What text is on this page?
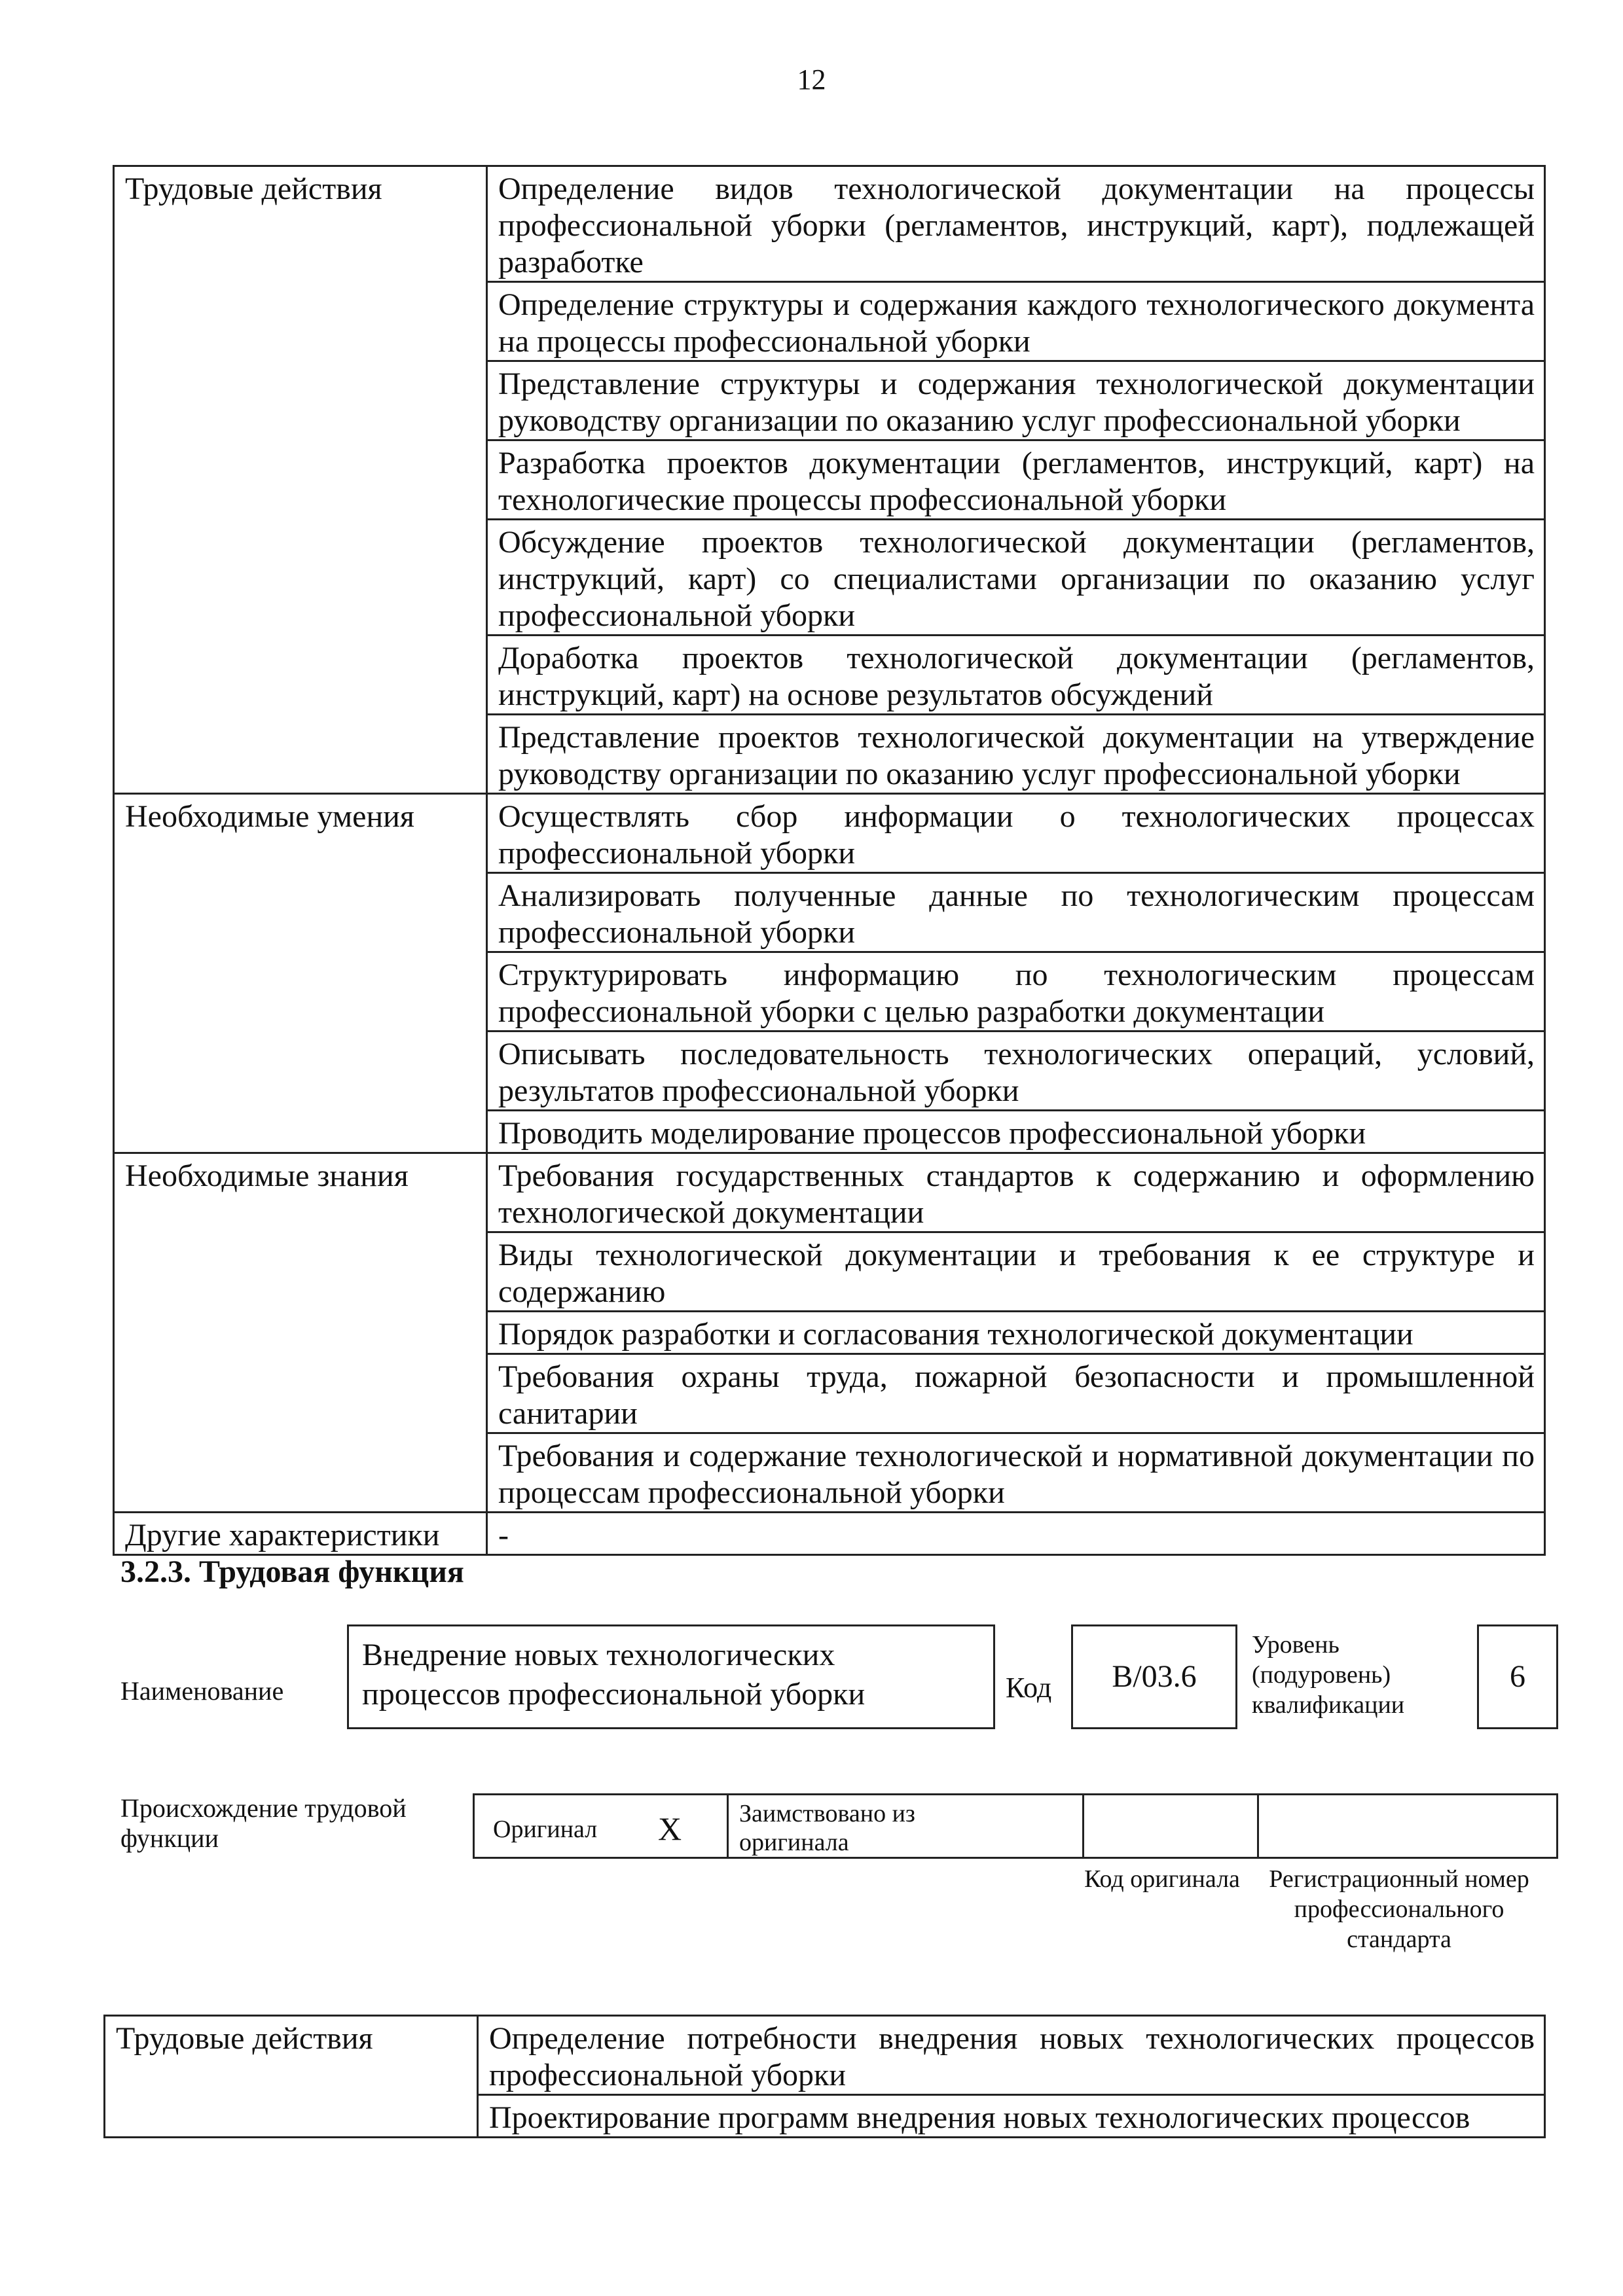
12
Трудовые действия	Определение видов технологической документации на процессы профессиональной уборки (регламентов, инструкций, карт), подлежащей разработке
	Определение структуры и содержания каждого технологического документа на процессы профессиональной уборки
	Представление структуры и содержания технологической документации руководству организации по оказанию услуг профессиональной уборки
	Разработка проектов документации (регламентов, инструкций, карт) на технологические процессы профессиональной уборки
	Обсуждение проектов технологической документации (регламентов, инструкций, карт) со специалистами организации по оказанию услуг профессиональной уборки
	Доработка проектов технологической документации (регламентов, инструкций, карт) на основе результатов обсуждений
	Представление проектов технологической документации на утверждение руководству организации по оказанию услуг профессиональной уборки
Необходимые умения	Осуществлять сбор информации о технологических процессах профессиональной уборки
	Анализировать полученные данные по технологическим процессам профессиональной уборки
	Структурировать информацию по технологическим процессам профессиональной уборки с целью разработки документации
	Описывать последовательность технологических операций, условий, результатов профессиональной уборки
	Проводить моделирование процессов профессиональной уборки
Необходимые знания	Требования государственных стандартов к содержанию и оформлению технологической документации
	Виды технологической документации и требования к ее структуре и содержанию
	Порядок разработки и согласования технологической документации
	Требования охраны труда, пожарной безопасности и промышленной санитарии
	Требования и содержание технологической и нормативной документации по процессам профессиональной уборки
Другие характеристики	-
3.2.3. Трудовая функция
Наименование
Внедрение новых технологических процессов профессиональной уборки	Код	B/03.6
Уровень (подуровень) квалификации
6
Происхождение трудовой функции	Оригинал X Заимствовано из оригинала
Код оригинала	Регистрационный номер профессионального стандарта
Трудовые действия	Определение потребности внедрения новых технологических процессов профессиональной уборки
Проектирование программ внедрения новых технологических процессов
